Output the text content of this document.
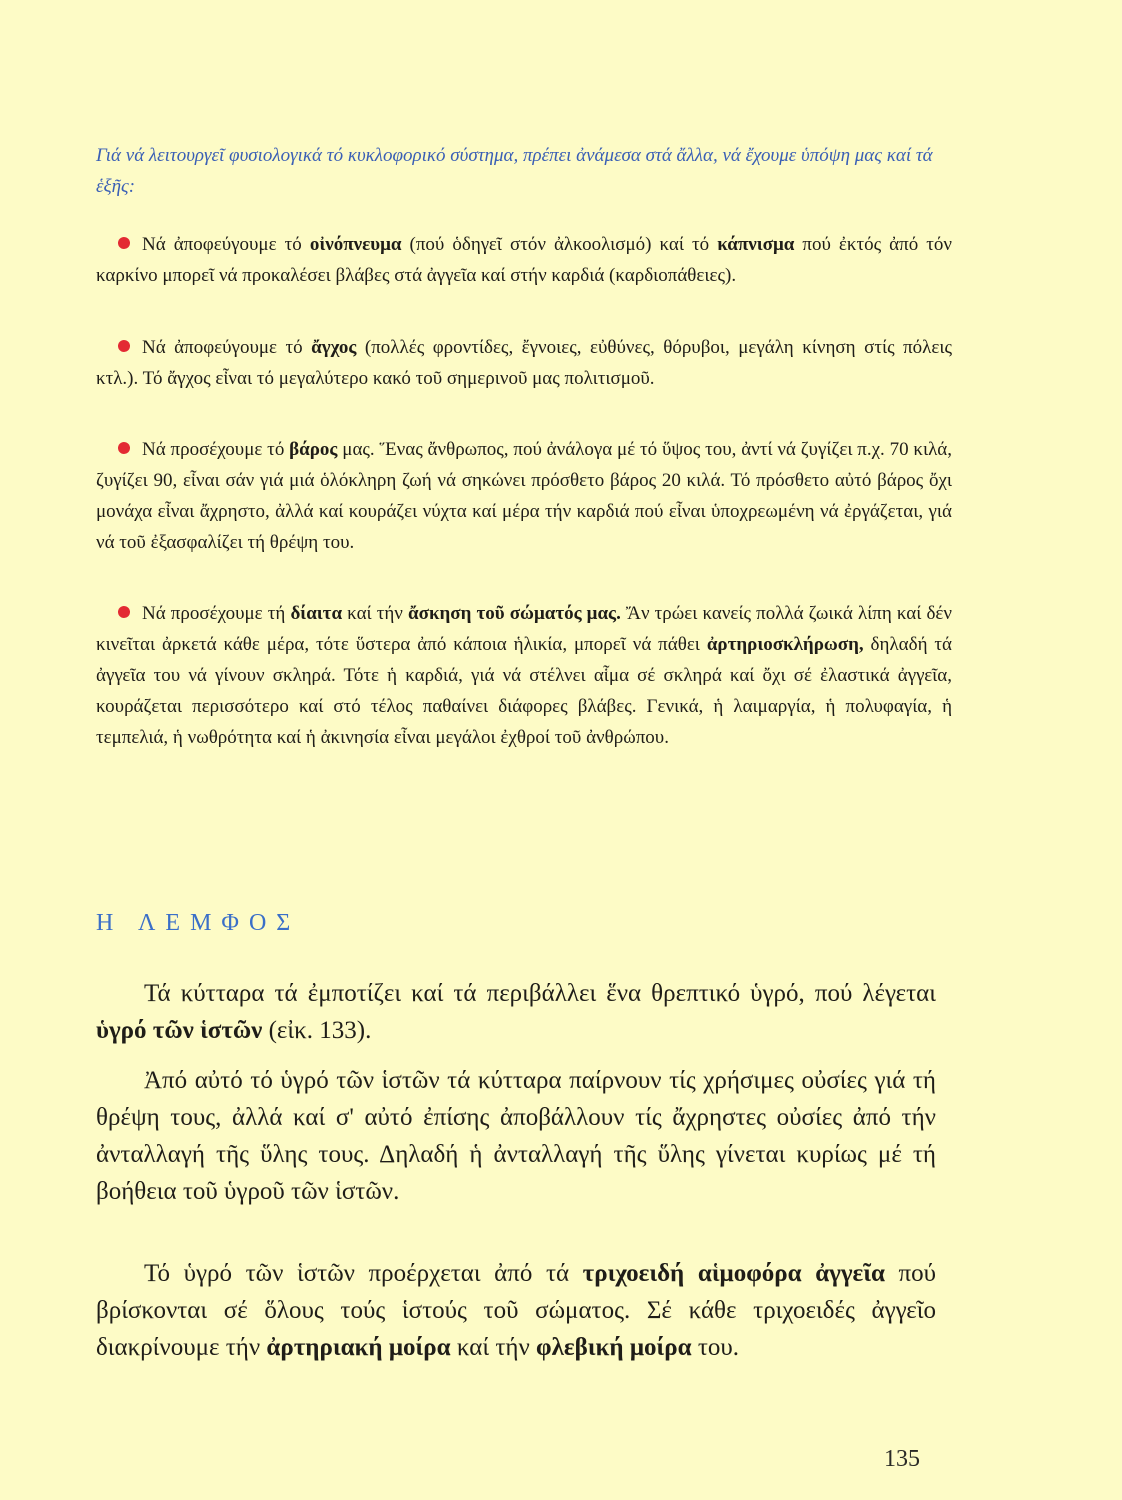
Γιά νά λειτουργεῖ φυσιολογικά τό κυκλοφορικό σύστημα, πρέπει ἀνάμεσα στά ἄλλα, νά ἔχουμε ὑπόψη μας καί τά ἑξῆς:

Νά ἀποφεύγουμε τό οἰνόπνευμα (πού ὁδηγεῖ στόν ἀλκοολισμό) καί τό κάπνισμα πού ἐκτός ἀπό τόν καρκίνο μπορεῖ νά προκαλέσει βλάβες στά ἀγγεῖα καί στήν καρδιά (καρδιοπάθειες).

Νά ἀποφεύγουμε τό ἄγχος (πολλές φροντίδες, ἔγνοιες, εὐθύνες, θόρυβοι, μεγάλη κίνηση στίς πόλεις κτλ.). Τό ἄγχος εἶναι τό μεγαλύτερο κακό τοῦ σημερινοῦ μας πολιτισμοῦ.

Νά προσέχουμε τό βάρος μας. Ἕνας ἄνθρωπος, πού ἀνάλογα μέ τό ὕψος του, ἀντί νά ζυγίζει π.χ. 70 κιλά, ζυγίζει 90, εἶναι σάν γιά μιά ὁλόκληρη ζωή νά σηκώνει πρόσθετο βάρος 20 κιλά. Τό πρόσθετο αὐτό βάρος ὄχι μονάχα εἶναι ἄχρηστο, ἀλλά καί κουράζει νύχτα καί μέρα τήν καρδιά πού εἶναι ὑποχρεωμένη νά ἐργάζεται, γιά νά τοῦ ἐξασφαλίζει τή θρέψη του.

Νά προσέχουμε τή δίαιτα καί τήν ἄσκηση τοῦ σώματός μας. Ἄν τρώει κανείς πολλά ζωικά λίπη καί δέν κινεῖται ἀρκετά κάθε μέρα, τότε ὕστερα ἀπό κάποια ἡλικία, μπορεῖ νά πάθει ἀρτηριοσκλήρωση, δηλαδή τά ἀγγεῖα του νά γίνουν σκληρά. Τότε ἡ καρδιά, γιά νά στέλνει αἷμα σέ σκληρά καί ὄχι σέ ἐλαστικά ἀγγεῖα, κουράζεται περισσότερο καί στό τέλος παθαίνει διάφορες βλάβες. Γενικά, ἡ λαιμαργία, ἡ πολυφαγία, ἡ τεμπελιά, ἡ νωθρότητα καί ἡ ἀκινησία εἶναι μεγάλοι ἐχθροί τοῦ ἀνθρώπου.

Η ΛΕΜΦΟΣ

Τά κύτταρα τά ἐμποτίζει καί τά περιβάλλει ἕνα θρεπτικό ὑγρό, πού λέγεται ὑγρό τῶν ἱστῶν (εἰκ. 133).

Ἀπό αὐτό τό ὑγρό τῶν ἱστῶν τά κύτταρα παίρνουν τίς χρήσιμες οὐσίες γιά τή θρέψη τους, ἀλλά καί σ' αὐτό ἐπίσης ἀποβάλλουν τίς ἄχρηστες οὐσίες ἀπό τήν ἀνταλλαγή τῆς ὕλης τους. Δηλαδή ἡ ἀνταλλαγή τῆς ὕλης γίνεται κυρίως μέ τή βοήθεια τοῦ ὑγροῦ τῶν ἱστῶν.

Τό ὑγρό τῶν ἱστῶν προέρχεται ἀπό τά τριχοειδή αἱμοφόρα ἀγγεῖα πού βρίσκονται σέ ὅλους τούς ἱστούς τοῦ σώματος. Σέ κάθε τριχοειδές ἀγγεῖο διακρίνουμε τήν ἀρτηριακή μοίρα καί τήν φλεβική μοίρα του.

135
